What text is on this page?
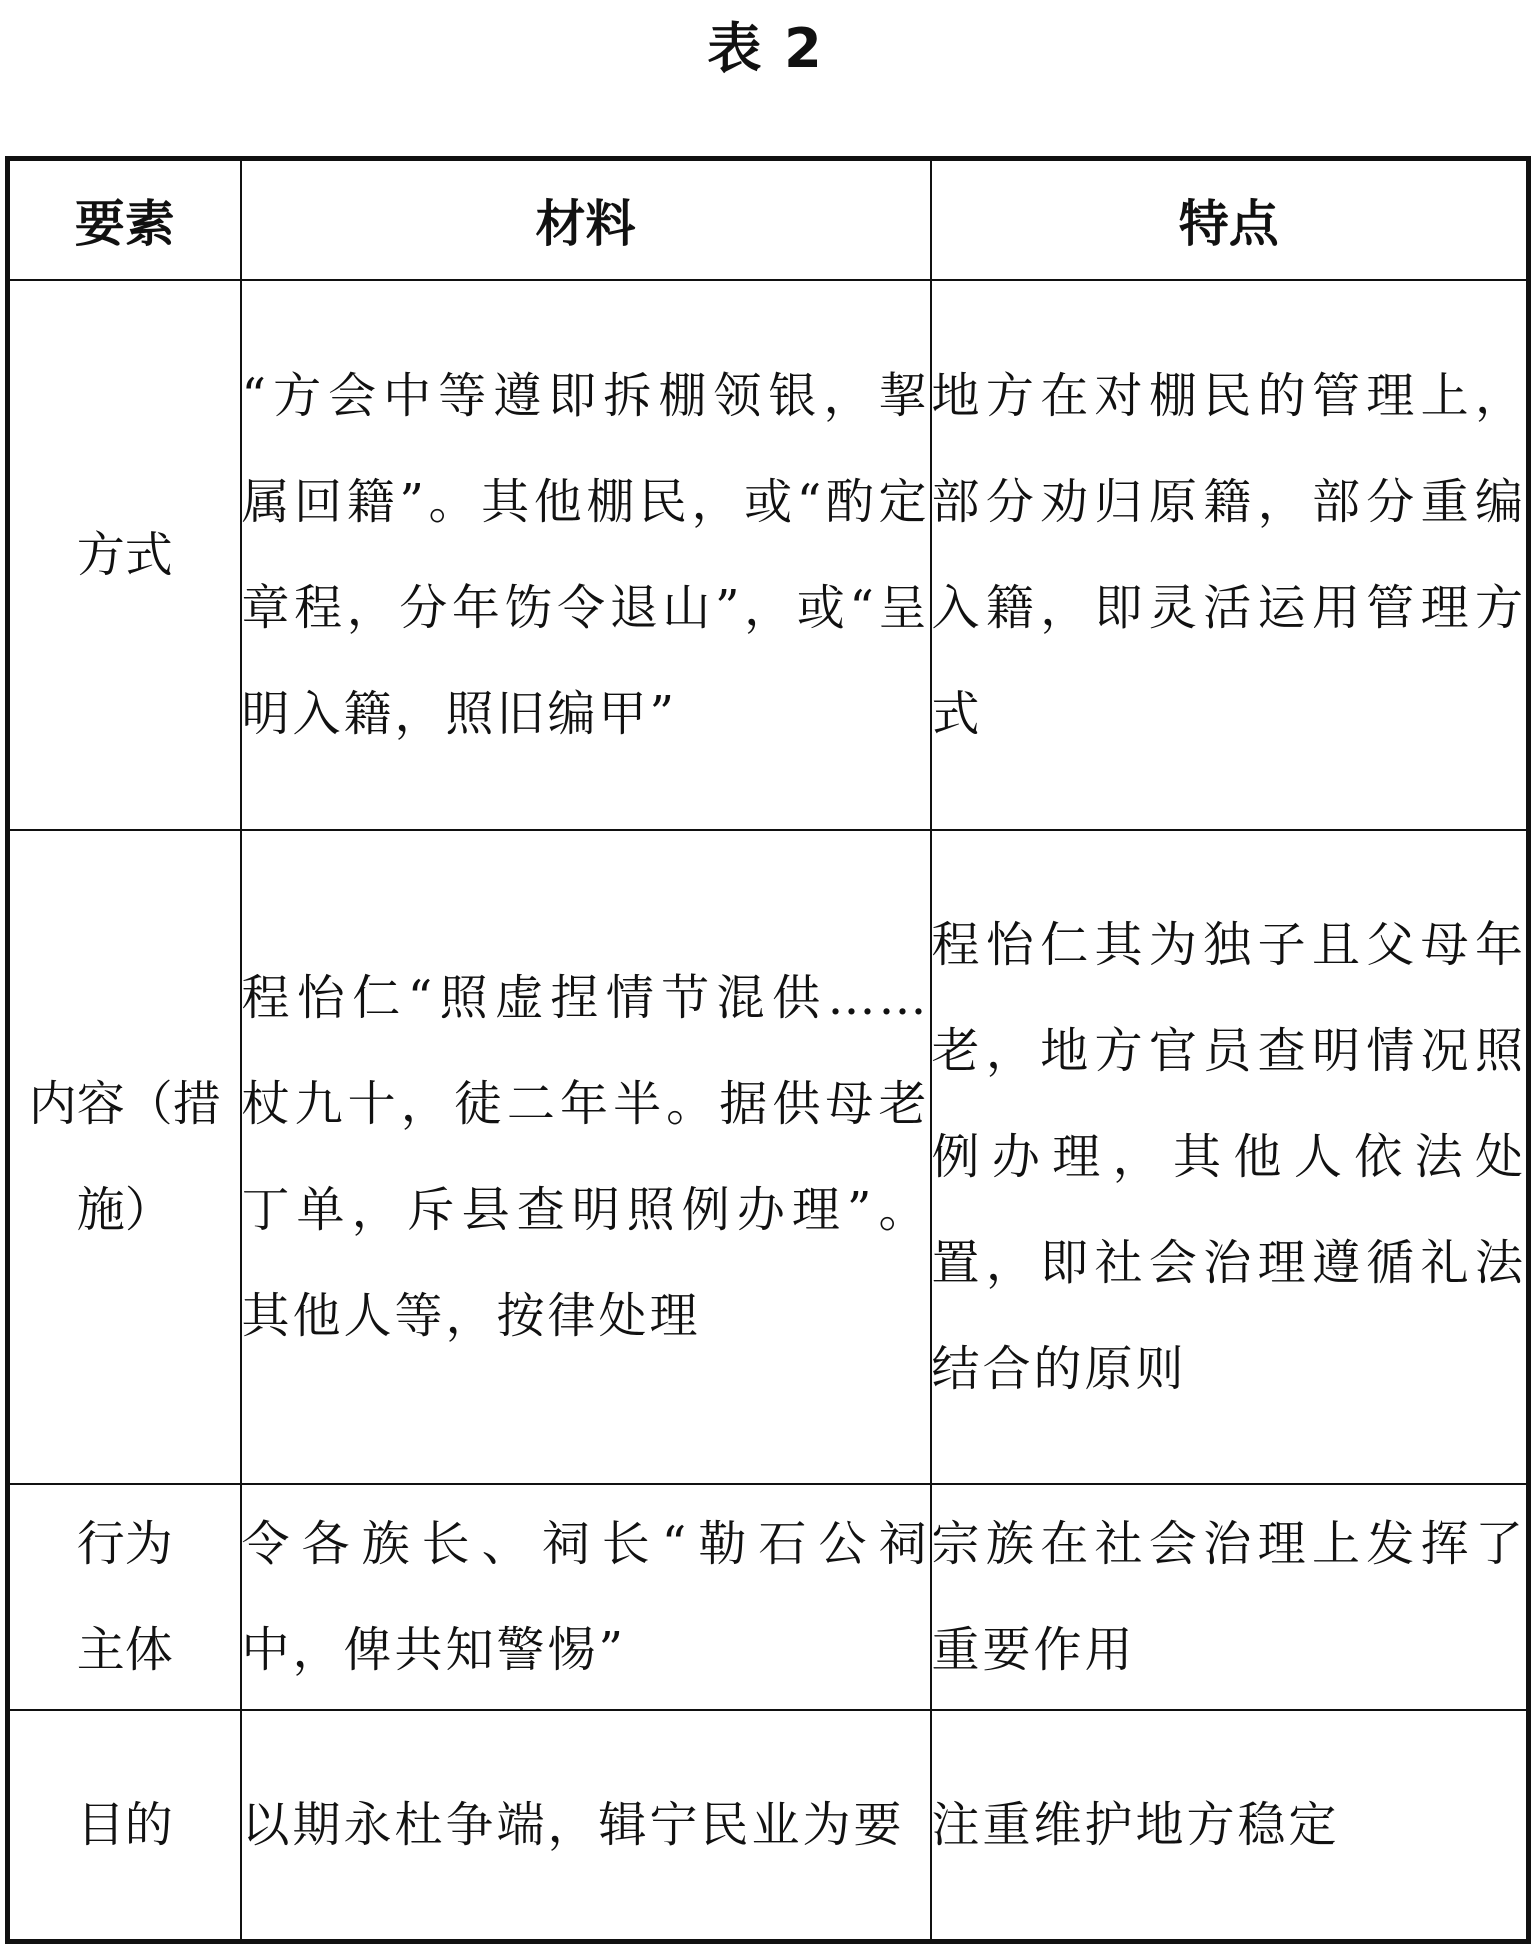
表 2
要素	材料	特点

方式	“方会中等遵即拆棚领银，挈属回籍”。其他棚民，或“酌定章程，分年饬令退山”，或“呈明入籍，照旧编甲”	地方在对棚民的管理上，部分劝归原籍，部分重编入籍，即灵活运用管理方式

内容（措施）	程怡仁“照虚捏情节混供……杖九十，徒二年半。据供母老丁单，斥县查明照例办理”。其他人等，按律处理	程怡仁其为独子且父母年老，地方官员查明情况照例办理，其他人依法处置，即社会治理遵循礼法结合的原则

行为主体	令各族长、祠长“勒石公祠中，俾共知警惕”	宗族在社会治理上发挥了重要作用

目的	以期永杜争端，辑宁民业为要	注重维护地方稳定
